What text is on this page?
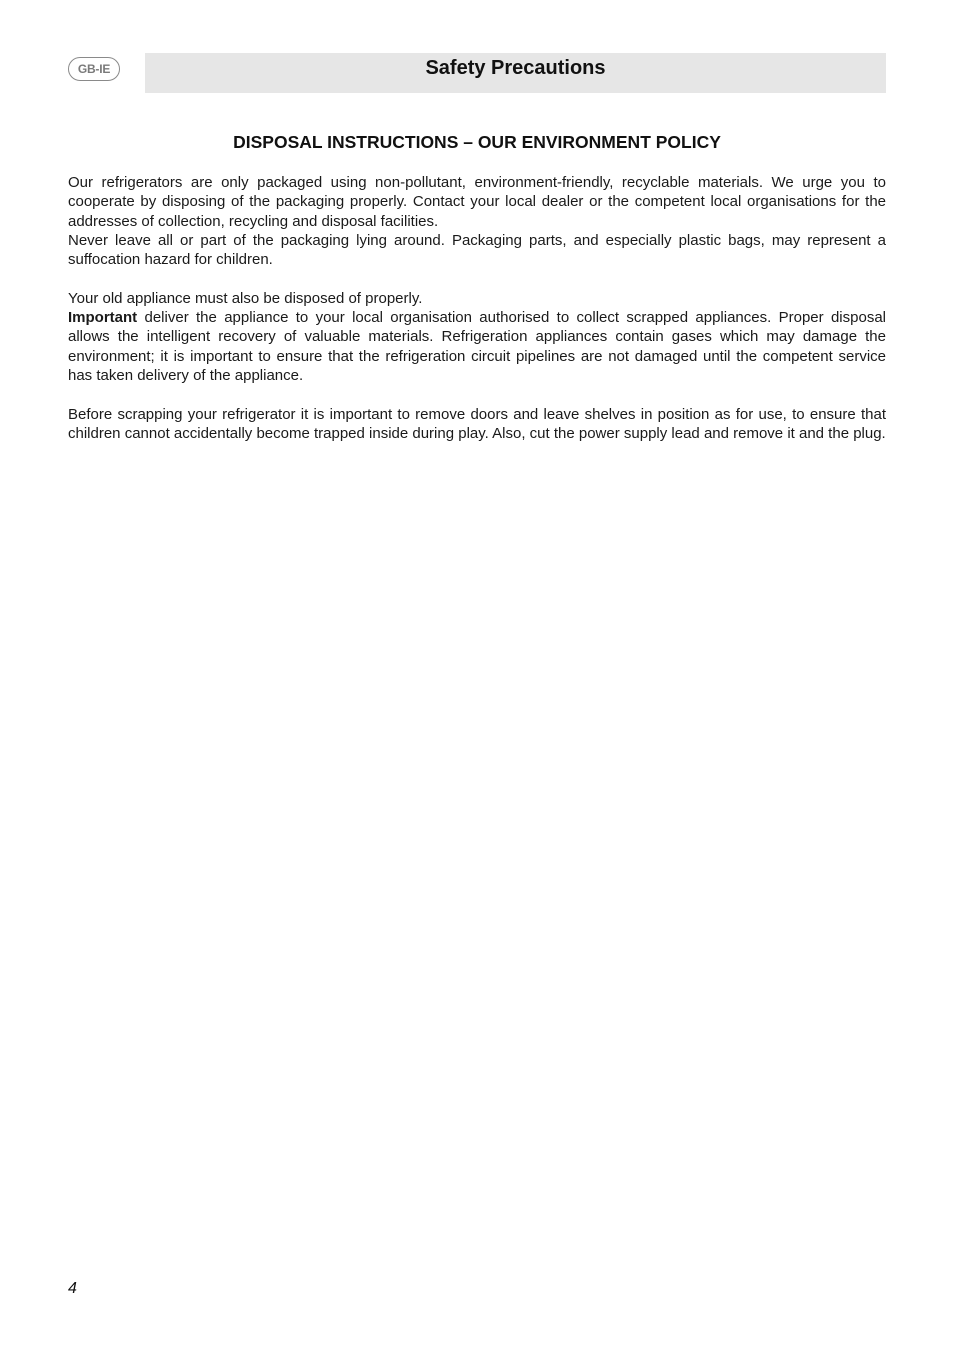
GB-IE	Safety Precautions
DISPOSAL INSTRUCTIONS – OUR ENVIRONMENT POLICY

Our refrigerators are only packaged using non-pollutant, environment-friendly, recyclable materials. We urge you to cooperate by disposing of the packaging properly. Contact your local dealer or the competent local organisations for the addresses of collection, recycling and disposal facilities.

Never leave all or part of the packaging lying around. Packaging parts, and especially plastic bags, may represent a suffocation hazard for children.

Your old appliance must also be disposed of properly.

Important deliver the appliance to your local organisation authorised to collect scrapped appliances. Proper disposal allows the intelligent recovery of valuable materials. Refrigeration appliances contain gases which may damage the environment; it is important to ensure that the refrigeration circuit pipelines are not damaged until the competent service has taken delivery of the appliance.

Before scrapping your refrigerator it is important to remove doors and leave shelves in position as for use, to ensure that children cannot accidentally become trapped inside during play. Also, cut the power supply lead and remove it and the plug.

4
